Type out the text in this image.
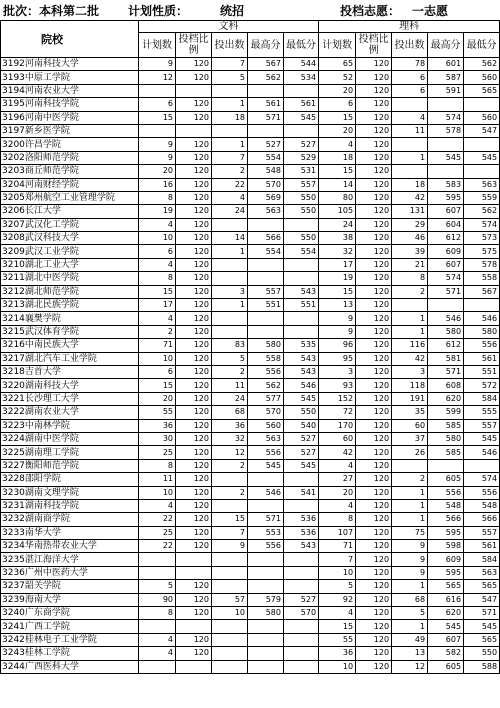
批次：本科第二批	计划性质：	统招	投档志愿： 一志愿
院校	文科					理科				
	计划数	投档比例	投出数	最高分	最低分	计划数	投档比例	投出数	最高分	最低分
3192河南科技大学	9	120	7	567	544	65	120	78	601	562
3193中原工学院	12	120	5	562	534	52	120	6	587	560
3194河南农业大学						20	120	6	591	565
3195河南科技学院	6	120	1	561	561	6	120			
3196河南中医学院	15	120	18	571	545	15	120	4	574	560
3197新乡医学院						20	120	11	578	547
3200许昌学院	9	120	1	527	527	4	120			
3202洛阳师范学院	9	120	7	554	529	18	120	1	545	545
3203商丘师范学院	20	120	2	548	531	15	120			
3204河南财经学院	16	120	22	570	557	14	120	18	583	563
3205郑州航空工业管理学院	8	120	4	569	550	80	120	42	595	559
3206长江大学	19	120	24	563	550	105	120	131	607	562
3207武汉化工学院	4	120				24	120	29	604	574
3208武汉科技大学	10	120	14	566	550	38	120	46	612	573
3209武汉工业学院	6	120	1	554	554	32	120	39	609	575
3210湖北工业大学	4	120				17	120	21	607	578
3211湖北中医学院	8	120				19	120	8	574	558
3212湖北师范学院	15	120	3	557	543	15	120	2	571	567
3213湖北民族学院	17	120	1	551	551	13	120			
3214襄樊学院	4	120				9	120	1	546	546
3215武汉体育学院	2	120				9	120	1	580	580
3216中南民族大学	71	120	83	580	535	96	120	116	612	556
3217湖北汽车工业学院	10	120	5	558	543	95	120	42	581	561
3218吉首大学	6	120	2	556	543	3	120	3	571	551
3220湖南科技大学	15	120	11	562	546	93	120	118	608	572
3221长沙理工大学	20	120	24	577	545	152	120	191	620	584
3222湖南农业大学	55	120	68	570	550	72	120	35	599	555
3223中南林学院	36	120	36	560	540	170	120	60	585	557
3224湖南中医学院	30	120	32	563	527	60	120	37	580	545
3225湖南理工学院	25	120	12	556	527	42	120	26	585	546
3227衡阳师范学院	8	120	2	545	545	4	120			
3228邵阳学院	11	120				27	120	2	605	574
3230湖南文理学院	10	120	2	546	541	20	120	1	556	556
3231湖南科技学院	4	120				4	120	1	548	548
3232湖南商学院	22	120	15	571	536	8	120	1	566	566
3233南华大学	25	120	7	553	536	107	120	75	595	557
3234华南热带农业大学	22	120	9	556	543	71	120	9	598	561
3235湛江海洋大学						7	120	9	609	584
3236广州中医药大学						10	120	9	595	563
3237韶关学院	5	120				5	120	1	565	565
3239海南大学	90	120	57	579	527	92	120	68	616	547
3240广东商学院	8	120	10	580	570	4	120	5	620	571
3241广西工学院						15	120	1	545	545
3242桂林电子工业学院	4	120				55	120	49	607	565
3243桂林工学院	4	120				36	120	13	582	550
3244广西医科大学						10	120	12	605	588
